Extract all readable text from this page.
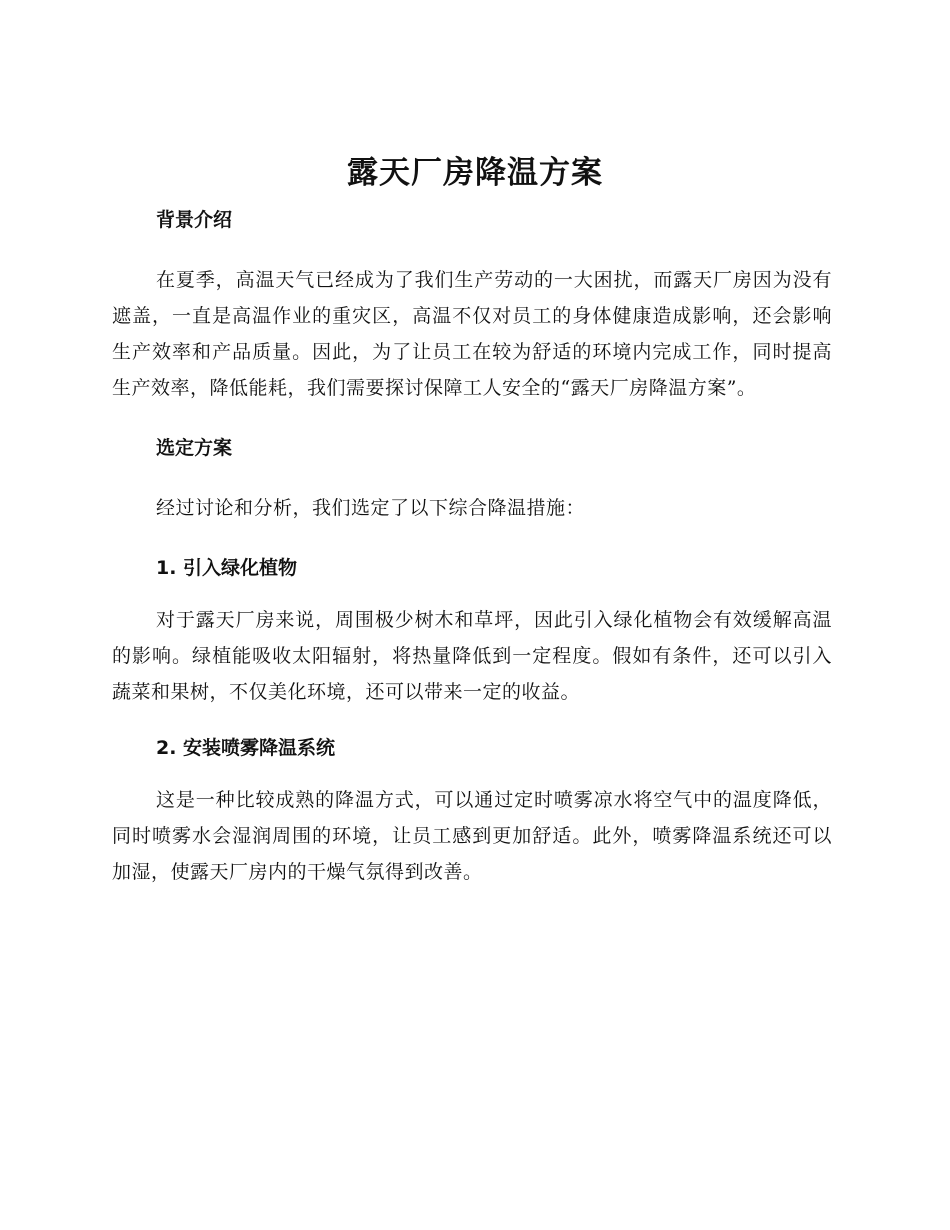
露天厂房降温方案
背景介绍

在夏季，高温天气已经成为了我们生产劳动的一大困扰，而露天厂房因为没有遮盖，一直是高温作业的重灾区，高温不仅对员工的身体健康造成影响，还会影响生产效率和产品质量。因此，为了让员工在较为舒适的环境内完成工作，同时提高生产效率，降低能耗，我们需要探讨保障工人安全的“露天厂房降温方案”。

选定方案

经过讨论和分析，我们选定了以下综合降温措施：

1. 引入绿化植物

对于露天厂房来说，周围极少树木和草坪，因此引入绿化植物会有效缓解高温的影响。绿植能吸收太阳辐射，将热量降低到一定程度。假如有条件，还可以引入蔬菜和果树，不仅美化环境，还可以带来一定的收益。

2. 安装喷雾降温系统

这是一种比较成熟的降温方式，可以通过定时喷雾凉水将空气中的温度降低，同时喷雾水会湿润周围的环境，让员工感到更加舒适。此外，喷雾降温系统还可以加湿，使露天厂房内的干燥气氛得到改善。
